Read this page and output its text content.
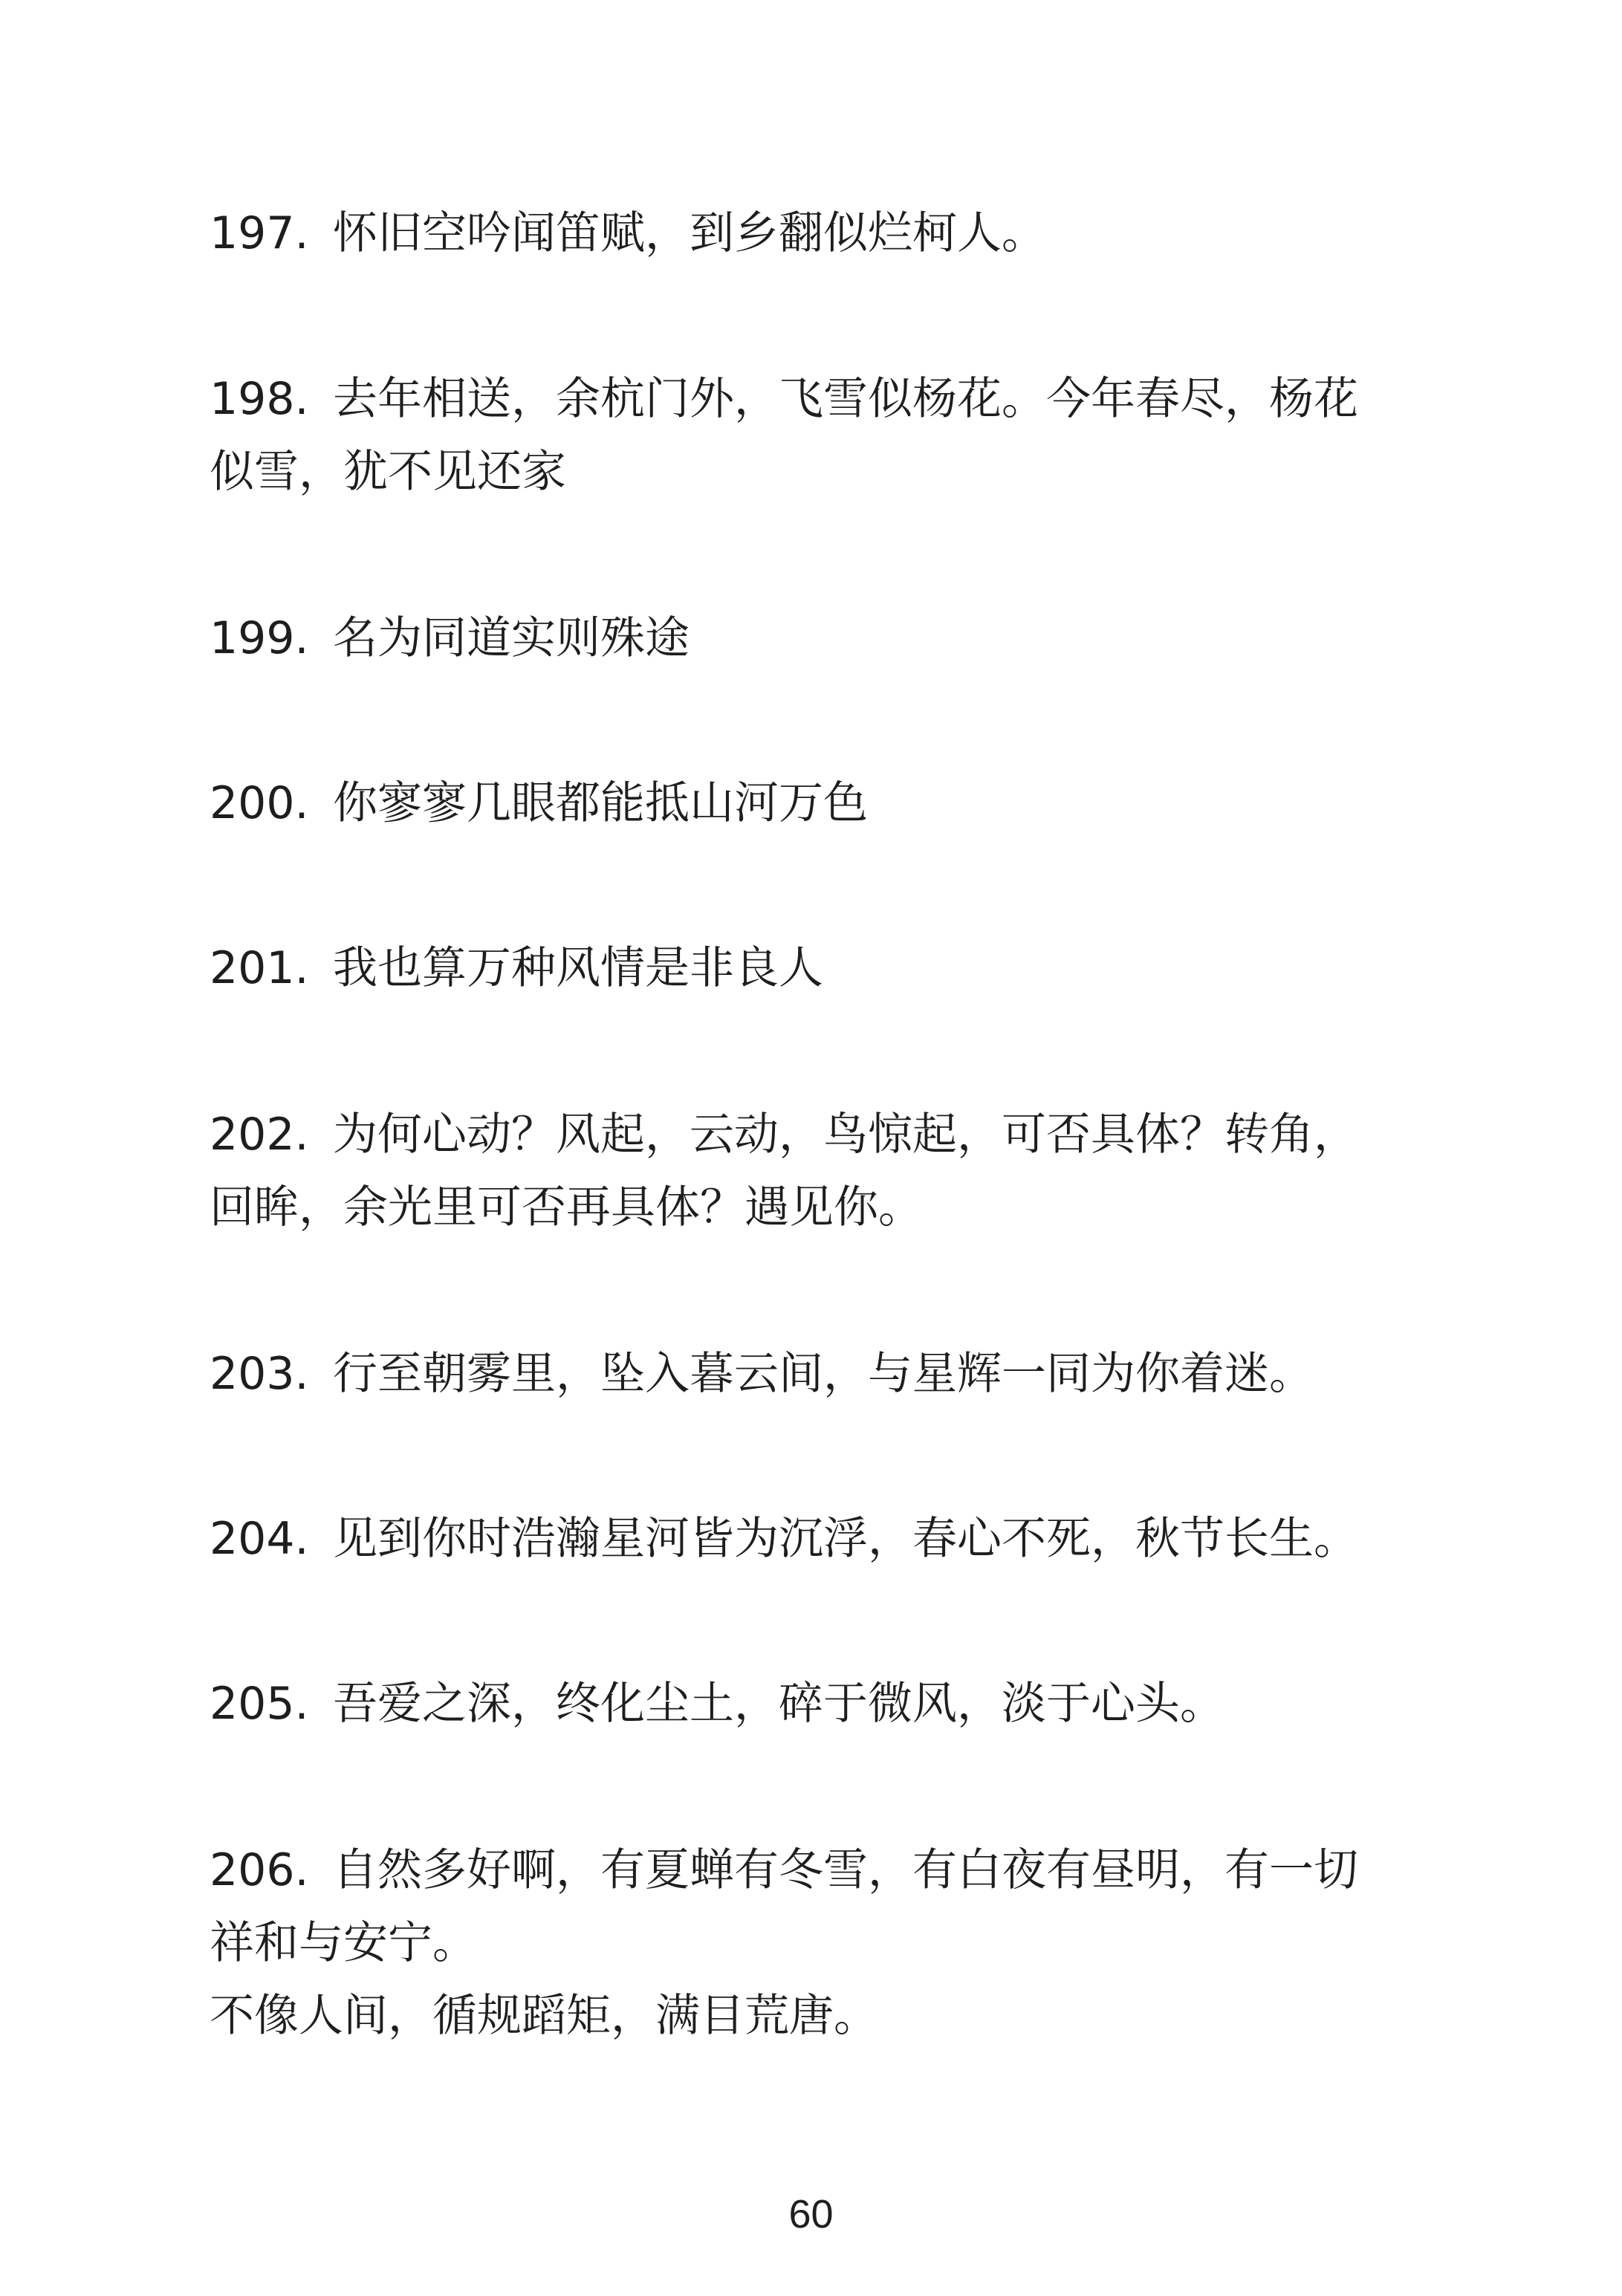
197. 怀旧空吟闻笛赋，到乡翻似烂柯人。
198. 去年相送，余杭门外，飞雪似杨花。今年春尽，杨花
似雪，犹不见还家
199. 名为同道实则殊途
200. 你寥寥几眼都能抵山河万色
201. 我也算万种风情是非良人
202. 为何心动？风起，云动，鸟惊起，可否具体？转角，
回眸，余光里可否再具体？遇见你。
203. 行至朝雾里，坠入暮云间，与星辉一同为你着迷。
204. 见到你时浩瀚星河皆为沉浮，春心不死，秋节长生。
205. 吾爱之深，终化尘土，碎于微风，淡于心头。
206. 自然多好啊，有夏蝉有冬雪，有白夜有昼明，有一切
祥和与安宁。
不像人间，循规蹈矩，满目荒唐。
60
